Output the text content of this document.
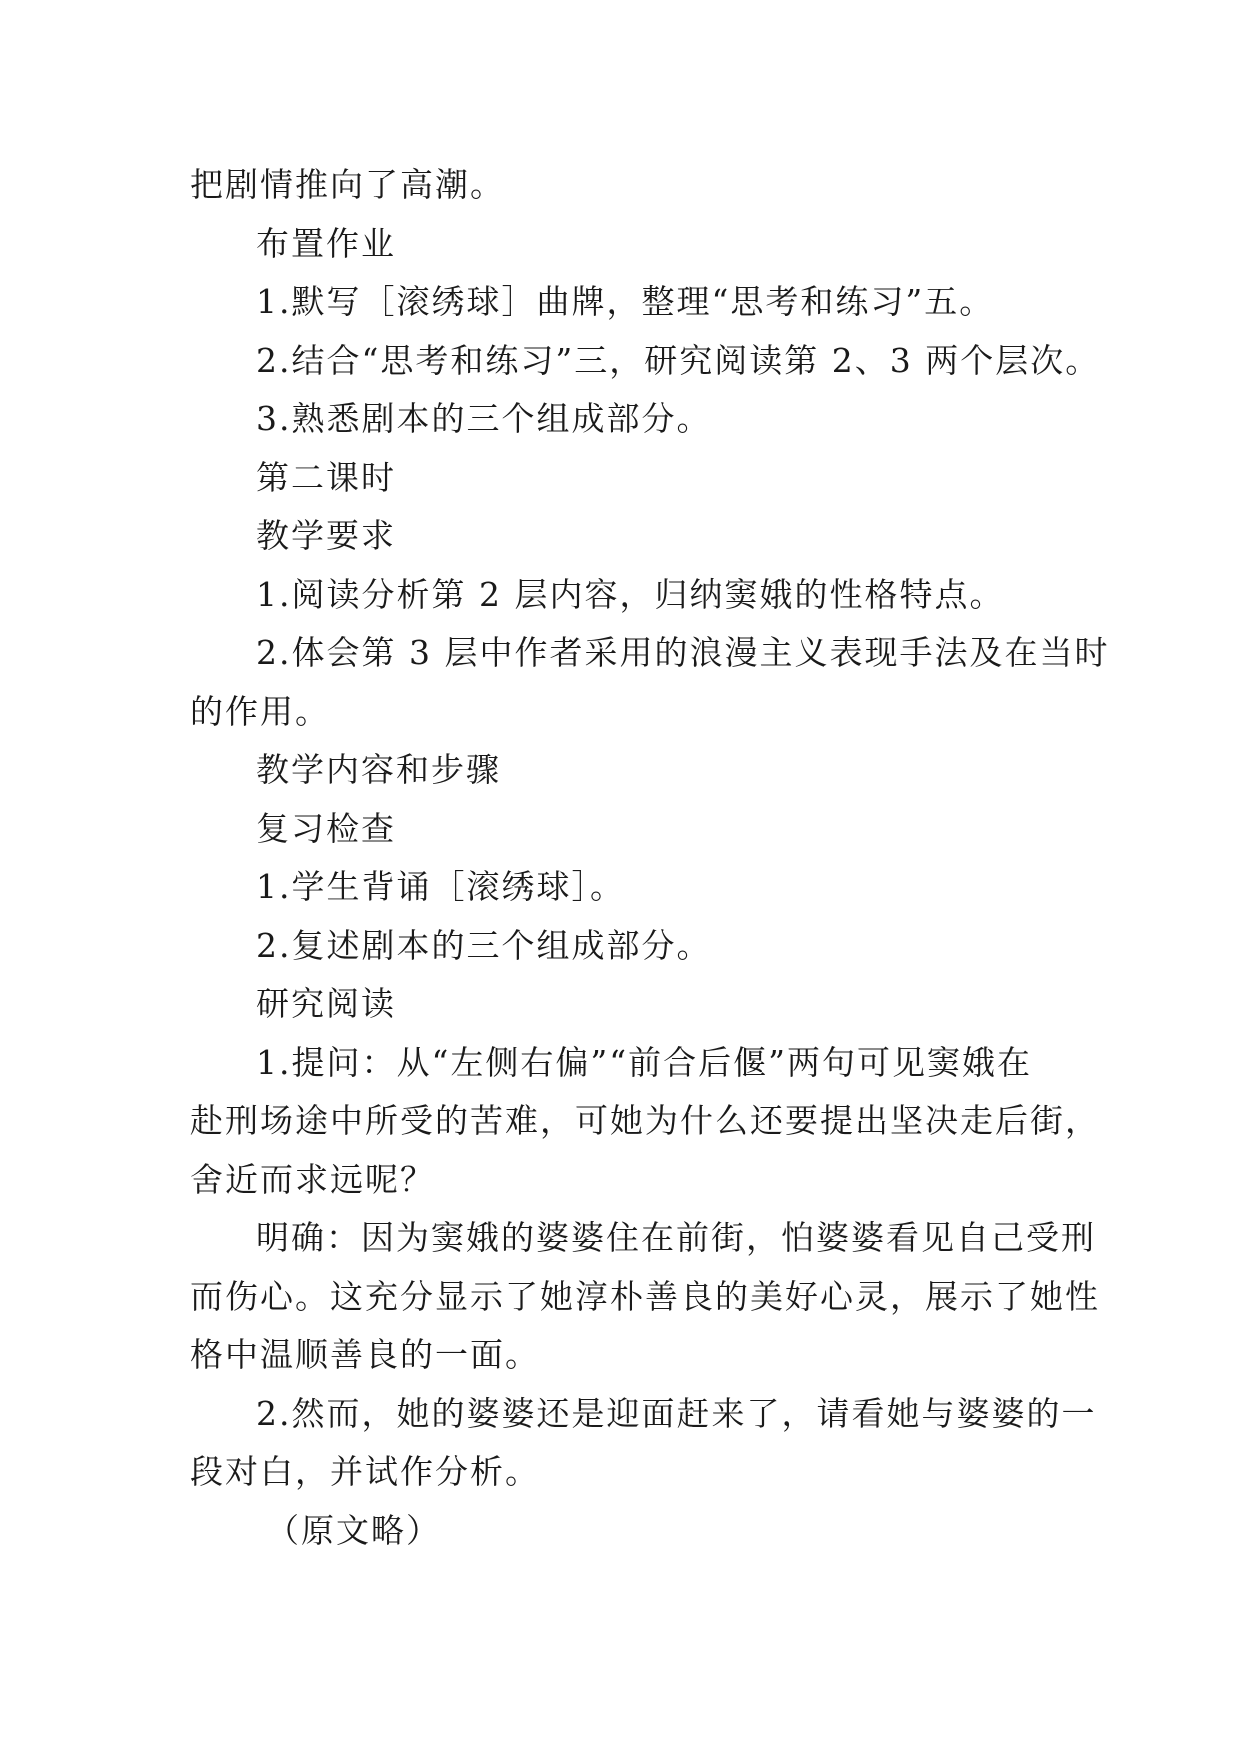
把剧情推向了高潮。

布置作业

1.默写［滚绣球］曲牌，整理“思考和练习”五。

2.结合“思考和练习”三，研究阅读第 2、3 两个层次。

3.熟悉剧本的三个组成部分。

第二课时

教学要求

1.阅读分析第 2 层内容，归纳窦娥的性格特点。

2.体会第 3 层中作者采用的浪漫主义表现手法及在当时

的作用。

教学内容和步骤

复习检查

1.学生背诵［滚绣球］。

2.复述剧本的三个组成部分。

研究阅读

1.提问：从“左侧右偏”“前合后偃”两句可见窦娥在

赴刑场途中所受的苦难，可她为什么还要提出坚决走后街，

舍近而求远呢？

明确：因为窦娥的婆婆住在前街，怕婆婆看见自己受刑

而伤心。这充分显示了她淳朴善良的美好心灵，展示了她性

格中温顺善良的一面。

2.然而，她的婆婆还是迎面赶来了，请看她与婆婆的一

段对白，并试作分析。

（原文略）
